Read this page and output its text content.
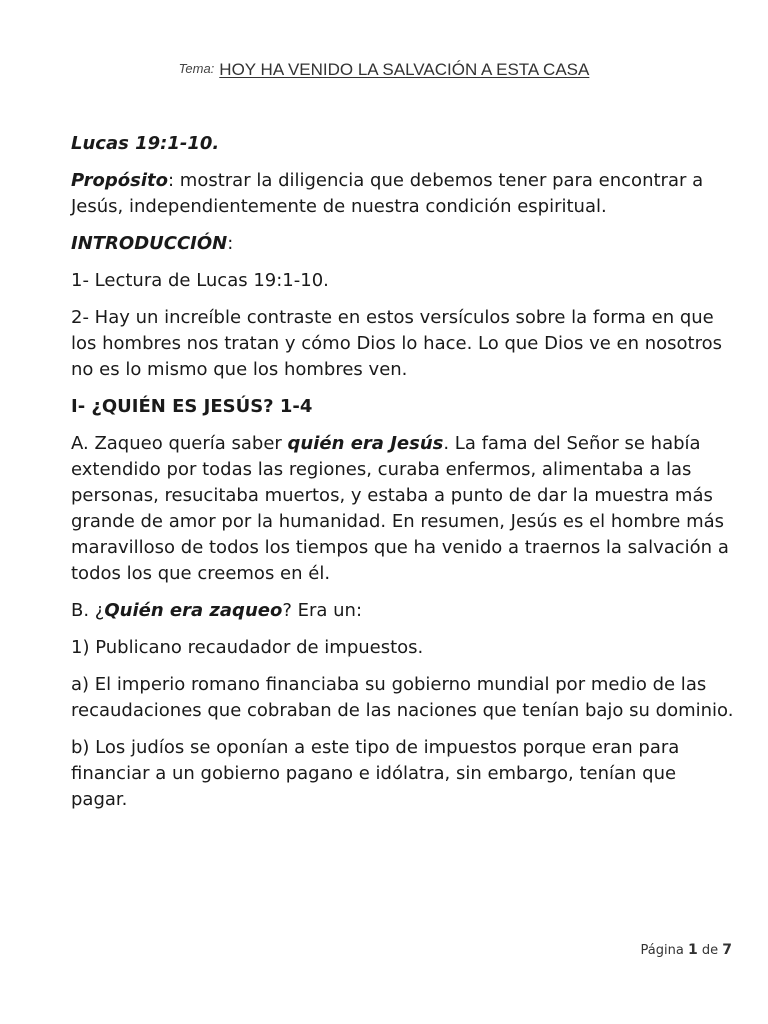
Tema: HOY HA VENIDO LA SALVACIÓN A ESTA CASA

Lucas 19:1-10.

Propósito: mostrar la diligencia que debemos tener para encontrar a Jesús, independientemente de nuestra condición espiritual.

INTRODUCCIÓN:

1- Lectura de Lucas 19:1-10.

2- Hay un increíble contraste en estos versículos sobre la forma en que los hombres nos tratan y cómo Dios lo hace. Lo que Dios ve en nosotros no es lo mismo que los hombres ven.

I- ¿QUIÉN ES JESÚS? 1-4

A. Zaqueo quería saber quién era Jesús. La fama del Señor se había extendido por todas las regiones, curaba enfermos, alimentaba a las personas, resucitaba muertos, y estaba a punto de dar la muestra más grande de amor por la humanidad. En resumen, Jesús es el hombre más maravilloso de todos los tiempos que ha venido a traernos la salvación a todos los que creemos en él.

B. ¿Quién era zaqueo? Era un:

1) Publicano recaudador de impuestos.

a) El imperio romano financiaba su gobierno mundial por medio de las recaudaciones que cobraban de las naciones que tenían bajo su dominio.

b) Los judíos se oponían a este tipo de impuestos porque eran para financiar a un gobierno pagano e idólatra, sin embargo, tenían que pagar.

Página 1 de 7
